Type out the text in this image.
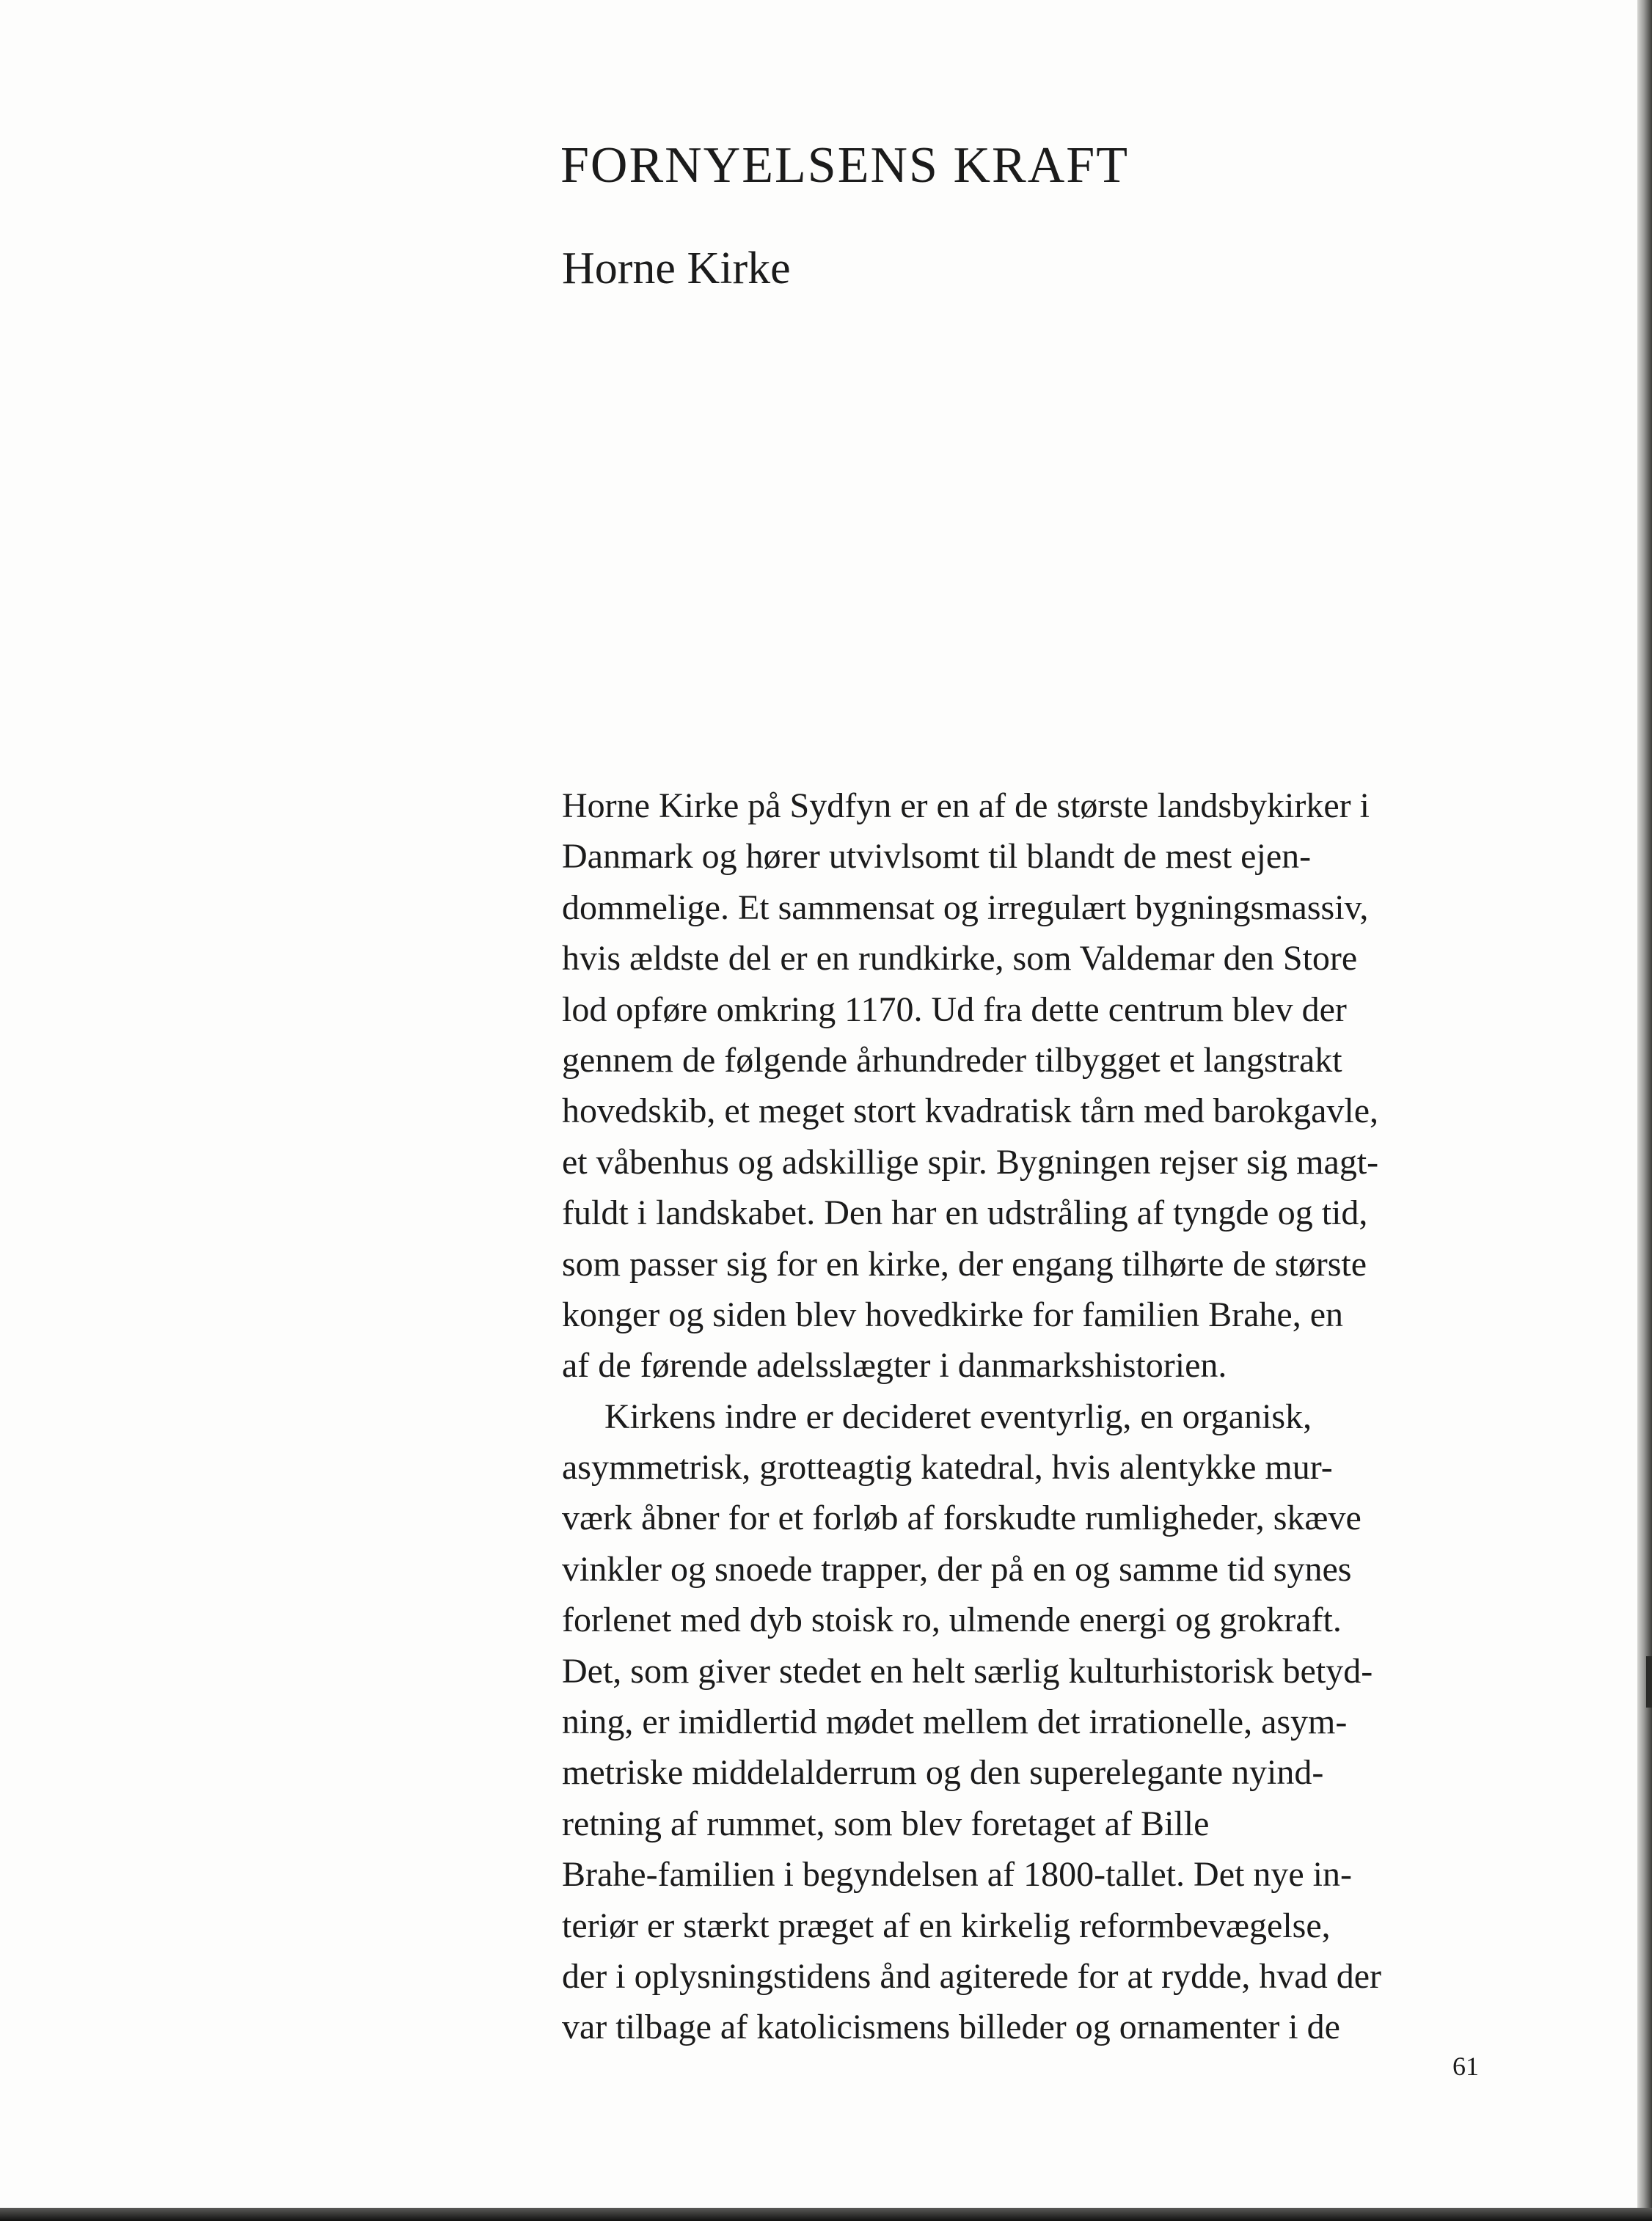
FORNYELSENS KRAFT
Horne Kirke
Horne Kirke på Sydfyn er en af de største landsbykirker i
Danmark og hører utvivlsomt til blandt de mest ejen-
dommelige. Et sammensat og irregulært bygningsmassiv,
hvis ældste del er en rundkirke, som Valdemar den Store
lod opføre omkring 1170. Ud fra dette centrum blev der
gennem de følgende århundreder tilbygget et langstrakt
hovedskib, et meget stort kvadratisk tårn med barokgavle,
et våbenhus og adskillige spir. Bygningen rejser sig magt-
fuldt i landskabet. Den har en udstråling af tyngde og tid,
som passer sig for en kirke, der engang tilhørte de største
konger og siden blev hovedkirke for familien Brahe, en
af de førende adelsslægter i danmarkshistorien.
Kirkens indre er decideret eventyrlig, en organisk,
asymmetrisk, grotteagtig katedral, hvis alentykke mur-
værk åbner for et forløb af forskudte rumligheder, skæve
vinkler og snoede trapper, der på en og samme tid synes
forlenet med dyb stoisk ro, ulmende energi og grokraft.
Det, som giver stedet en helt særlig kulturhistorisk betyd-
ning, er imidlertid mødet mellem det irrationelle, asym-
metriske middelalderrum og den superelegante nyind-
retning af rummet, som blev foretaget af Bille
Brahe-familien i begyndelsen af 1800-tallet. Det nye in-
teriør er stærkt præget af en kirkelig reformbevægelse,
der i oplysningstidens ånd agiterede for at rydde, hvad der
var tilbage af katolicismens billeder og ornamenter i de
61
